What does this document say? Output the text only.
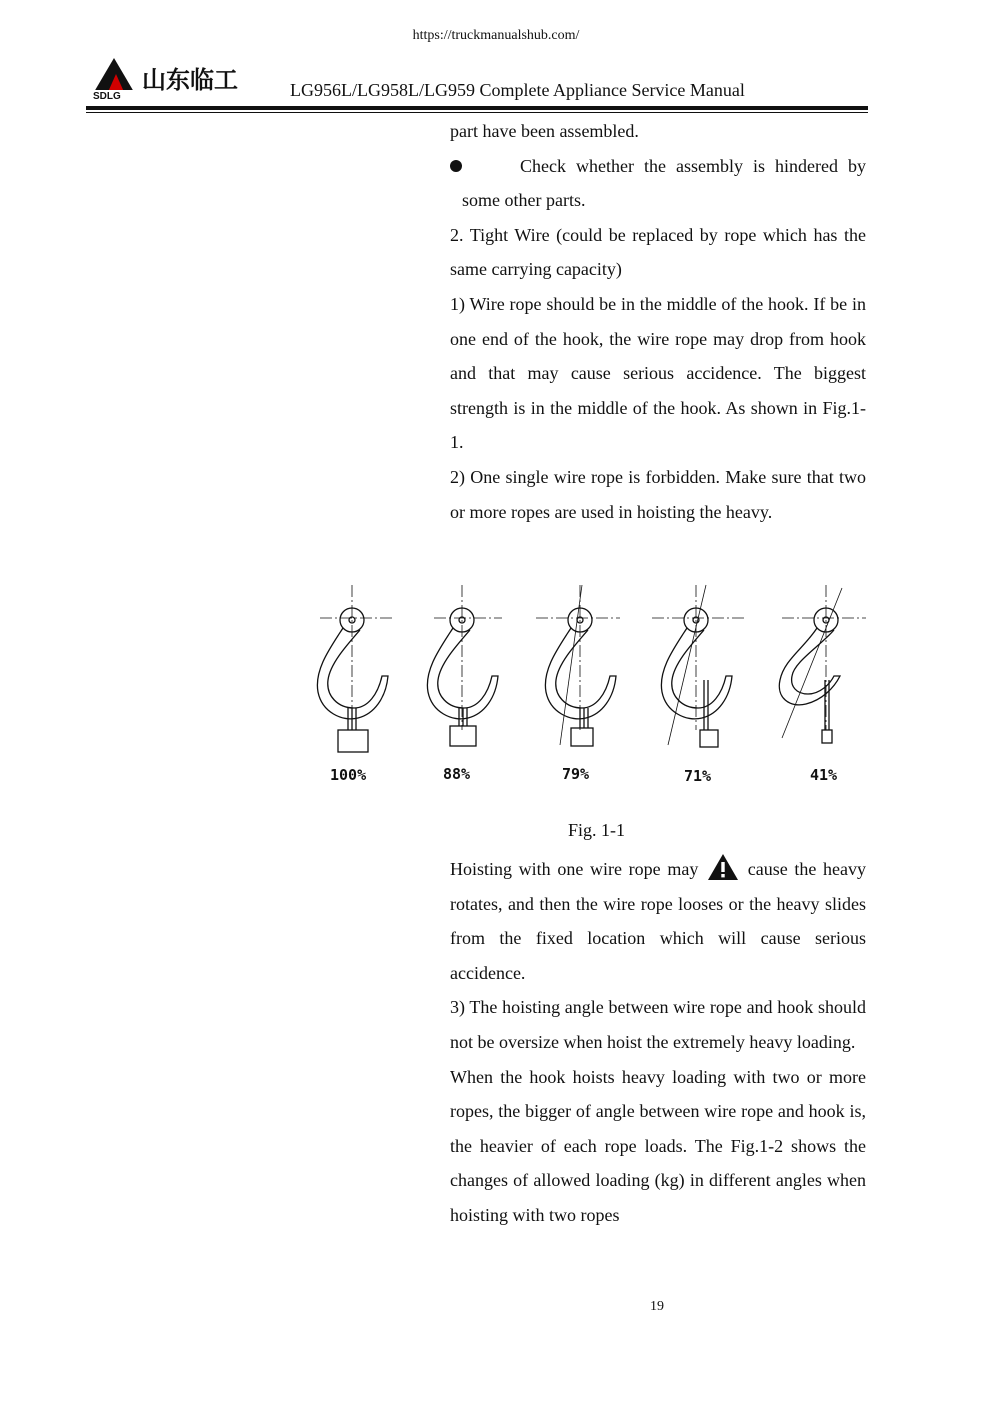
https://truckmanualshub.com/
SDLG
山东临工	LG956L/LG958L/LG959 Complete Appliance Service Manual

part have been assembled.

Check whether the assembly is hindered by some other parts.

2. Tight Wire (could be replaced by rope which has the same carrying capacity)

1) Wire rope should be in the middle of the hook. If be in one end of the hook, the wire rope may drop from hook and that may cause serious accidence. The biggest strength is in the middle of the hook. As shown in Fig.1-1.

2) One single wire rope is forbidden. Make sure that two or more ropes are used in hoisting the heavy.

100%	88%	79%	71%	41%
Fig. 1-1

Hoisting with one wire rope may	cause the heavy rotates, and then the wire rope looses or the heavy slides from the fixed location which will cause serious accidence.

3) The hoisting angle between wire rope and hook should not be oversize when hoist the extremely heavy loading.

When the hook hoists heavy loading with two or more ropes, the bigger of angle between wire rope and hook is, the heavier of each rope loads. The Fig.1-2 shows the changes of allowed loading (kg) in different angles when hoisting with two ropes

19
